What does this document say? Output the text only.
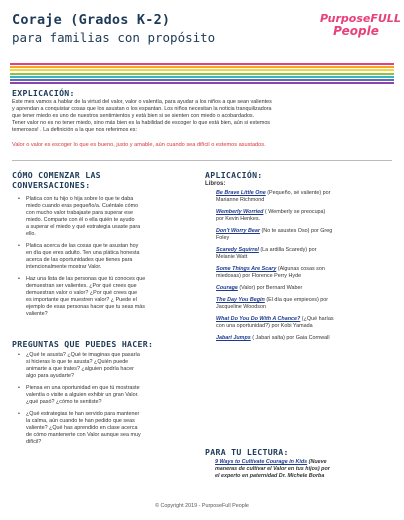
Coraje (Grados K-2)
para familias con propósito
PurposeFULL
People
EXPLICACIÓN:
Este mes vamos a hablar de la virtud del valor, valor o valentía, para ayudar a los niños a que sean valientes
y aprendan a conquistar cosas que los asustan o los espantan. Los niños necesitan la noticia tranquilizadora
que tener miedo es uno de nuestros sentimientos y está bien si se sienten con miedo o acobardados.
Tener valor no es no tener miedo, sino más bien es la habilidad de escoger lo que está bien, aún si estemos
temerosos! . La definición a la que nos referimos es:
Valor o valor es escoger lo que es bueno, justo y amable, aún cuando sea difícil o estemos asustados.
CÓMO COMENZAR LAS
CONVERSACIONES:
• Platica con tu hijo o hija sobre lo que te daba
miedo cuando eras pequeño/a. Cuéntale cómo
con mucho valor trabajaste para superar ese
miedo. Comparte con él o ella quién te ayudo
a superar el miedo y qué estrategia usaste para
ello.
• Platica acerca de las cosas que te asustan hoy
en día que eres adulto. Ten una plática honesta
acerca de las oportunidades que tienes para
intencionalmente mostrar Valor.
• Haz una lista de las personas que tú conoces que
demuestran ser valientes. ¿Por qué crees que
demuestran valor o valor? ¿Por qué crees que
es importante que muestren valor? ¿ Puede el
ejemplo de esas personas hacer que tu seas más
valiente?
PREGUNTAS QUE PUEDES HACER:
• ¿Qué te asusta? ¿Qué te imaginas que pasaría
si hicieras lo que te asusta? ¿Quién puede
animarte a que trates? ¿alguien podría hacer
algo para ayudarte?
• Piensa en una oportunidad en que tú mostraste
valentía o visite a alguien exhibir un gran Valor.
¿qué pasó? ¿cómo te sentiste?
• ¿Qué estrategias te han servido para mantener
la calma, aún cuando te han pedido que seas
valiente? ¿Qué has aprendido en clase acerca
de cómo mantenerte con Valor aunque sea muy
difícil?
APLICACIÓN:
Libros:
Be Brave Little One (Pequeño, sé valiente) por
Marianne Richmond
Wemberly Worried ( Wemberly se preocupa)
por Kevin Henkes.
Don't Worry Bear (No te asustes Oso) por Greg
Foley
Scaredy Squirrel (La ardilla Scaredy) por
Melanie Watt
Some Things Are Scary (Algunas cosas son
miedosas) por Florence Perry Hyde
Courage (Valor) por Bernard Waber
The Day You Begin (El día que empieces) por
Jacqueline Woodson
What Do You Do With A Chance? (¿Qué harías
con una oportunidad?) por Kobi Yamada
Jabari Jumps ( Jabari salta) por Gaia Cornwall
PARA TU LECTURA:
9 Ways to Cultivate Courage in Kids (Nueve
maneras de cultivar el Valor en tus hijos) por
el experto en paternidad Dr. Michele Borba
© Copyright 2019 - PurposeFull People
